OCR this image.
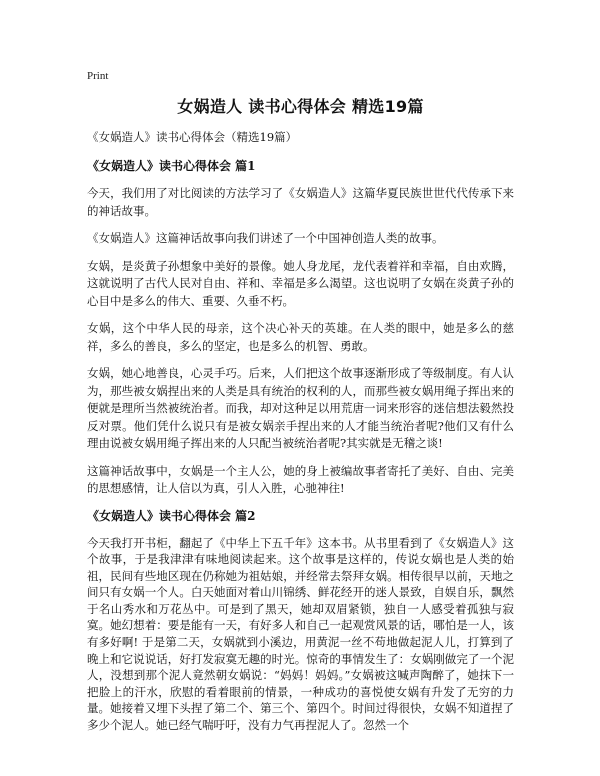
Print
女娲造人 读书心得体会 精选19篇
《女娲造人》读书心得体会（精选19篇）
《女娲造人》读书心得体会 篇1

今天，我们用了对比阅读的方法学习了《女娲造人》这篇华夏民族世世代代传承下来的神话故事。

《女娲造人》这篇神话故事向我们讲述了一个中国神创造人类的故事。

女娲，是炎黄子孙想象中美好的景像。她人身龙尾，龙代表着祥和幸福，自由欢腾，这就说明了古代人民对自由、祥和、幸福是多么渴望。这也说明了女娲在炎黄子孙的心目中是多么的伟大、重要、久垂不朽。

女娲，这个中华人民的母亲，这个决心补天的英雄。在人类的眼中，她是多么的慈祥，多么的善良，多么的坚定，也是多么的机智、勇敢。

女娲，她心地善良，心灵手巧。后来，人们把这个故事逐渐形成了等级制度。有人认为，那些被女娲捏出来的人类是具有统治的权利的人，而那些被女娲用绳子挥出来的便就是理所当然被统治者。而我，却对这种足以用荒唐一词来形容的迷信想法毅然投反对票。他们凭什么说只有是被女娲亲手捏出来的人才能当统治者呢?他们又有什么理由说被女娲用绳子挥出来的人只配当被统治者呢?其实就是无稽之谈!

这篇神话故事中，女娲是一个主人公，她的身上被编故事者寄托了美好、自由、完美的思想感情，让人信以为真，引人入胜，心驰神往!

《女娲造人》读书心得体会 篇2

今天我打开书柜，翻起了《中华上下五千年》这本书。从书里看到了《女娲造人》这个故事，于是我津津有味地阅读起来。这个故事是这样的，传说女娲也是人类的始祖，民间有些地区现在仍称她为祖姑娘，并经常去祭拜女娲。相传很早以前，天地之间只有女娲一个人。白天她面对着山川锦绣、鲜花经开的迷人景致，自娱自乐，飘然于名山秀水和万花丛中。可是到了黑天，她却双眉紧锁，独自一人感受着孤独与寂寞。她幻想着：要是能有一天，有好多人和自己一起观赏风景的话，哪怕是一人，该有多好啊! 于是第二天，女娲就到小溪边，用黄泥一丝不苟地做起泥人儿，打算到了晚上和它说说话，好打发寂寞无趣的时光。惊奇的事情发生了：女娲刚做完了一个泥人，没想到那个泥人竟然朝女娲说：“妈妈！妈妈。”女娲被这喊声陶醉了，她抹下一把脸上的汗水，欣慰的看着眼前的情景，一种成功的喜悦使女娲有升发了无穷的力量。她接着又埋下头捏了第二个、第三个、第四个。时间过得很快，女娲不知道捏了多少个泥人。她已经气喘吁吁，没有力气再捏泥人了。忽然一个
